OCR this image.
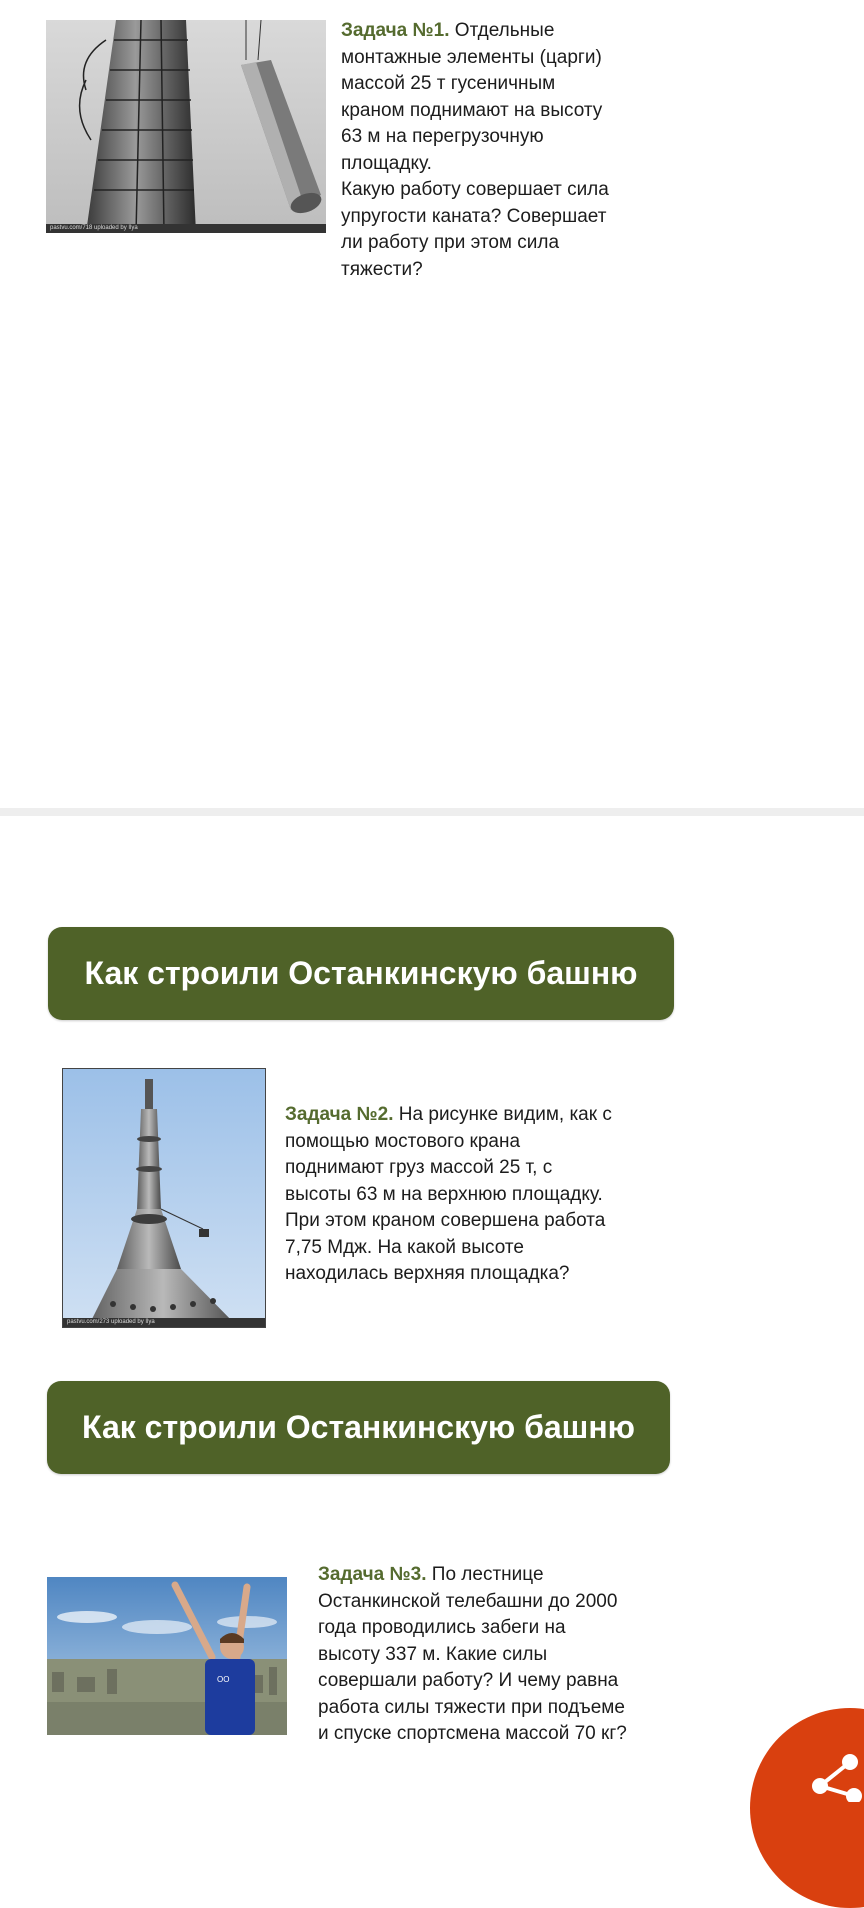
pastvu.com/718 uploaded by Ilya
Задача №1. Отдельные
монтажные элементы (царги)
массой 25 т гусеничным
краном поднимают на высоту
63 м на перегрузочную
площадку.
Какую работу совершает сила
упругости каната? Совершает
ли работу при этом сила
тяжести?
Как строили Останкинскую башню
pastvu.com/273 uploaded by Ilya
Задача №2. На рисунке видим, как с
помощью мостового крана
поднимают груз массой 25 т, с
высоты 63 м на верхнюю площадку.
При этом краном совершена работа
7,75 Мдж. На какой высоте
находилась верхняя площадка?
Как строили Останкинскую башню
ОО
Задача №3. По лестнице
Останкинской телебашни до 2000
года проводились забеги на
высоту 337 м. Какие силы
совершали работу? И чему равна
работа силы тяжести при подъеме
и спуске спортсмена массой 70 кг?
